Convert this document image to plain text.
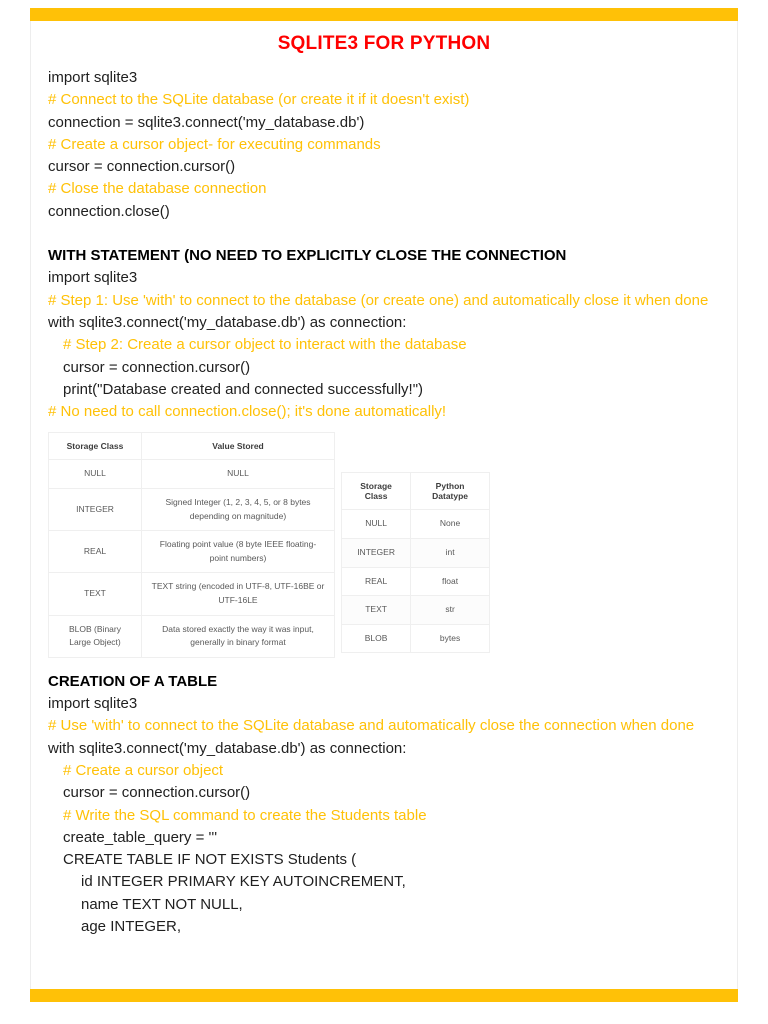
SQLITE3 FOR PYTHON
import sqlite3
# Connect to the SQLite database (or create it if it doesn't exist)
connection = sqlite3.connect('my_database.db')
# Create a cursor object- for executing commands
cursor = connection.cursor()
# Close the database connection
connection.close()
WITH STATEMENT (NO NEED TO EXPLICITLY CLOSE THE CONNECTION
import sqlite3
# Step 1: Use 'with' to connect to the database (or create one) and automatically close it when done
with sqlite3.connect('my_database.db') as connection:
# Step 2: Create a cursor object to interact with the database
cursor = connection.cursor()
print("Database created and connected successfully!")
# No need to call connection.close(); it's done automatically!
Storage Class	Value Stored
NULL	NULL
INTEGER	Signed Integer (1, 2, 3, 4, 5, or 8 bytes depending on magnitude)
REAL	Floating point value (8 byte IEEE floating-point numbers)
TEXT	TEXT string (encoded in UTF-8, UTF-16BE or UTF-16LE
BLOB (Binary Large Object)	Data stored exactly the way it was input, generally in binary format
Storage Class	Python Datatype
NULL	None
INTEGER	int
REAL	float
TEXT	str
BLOB	bytes
CREATION OF A TABLE
import sqlite3
# Use 'with' to connect to the SQLite database and automatically close the connection when done
with sqlite3.connect('my_database.db') as connection:
# Create a cursor object
cursor = connection.cursor()
# Write the SQL command to create the Students table
create_table_query = '''
CREATE TABLE IF NOT EXISTS Students (
id INTEGER PRIMARY KEY AUTOINCREMENT,
name TEXT NOT NULL,
age INTEGER,
